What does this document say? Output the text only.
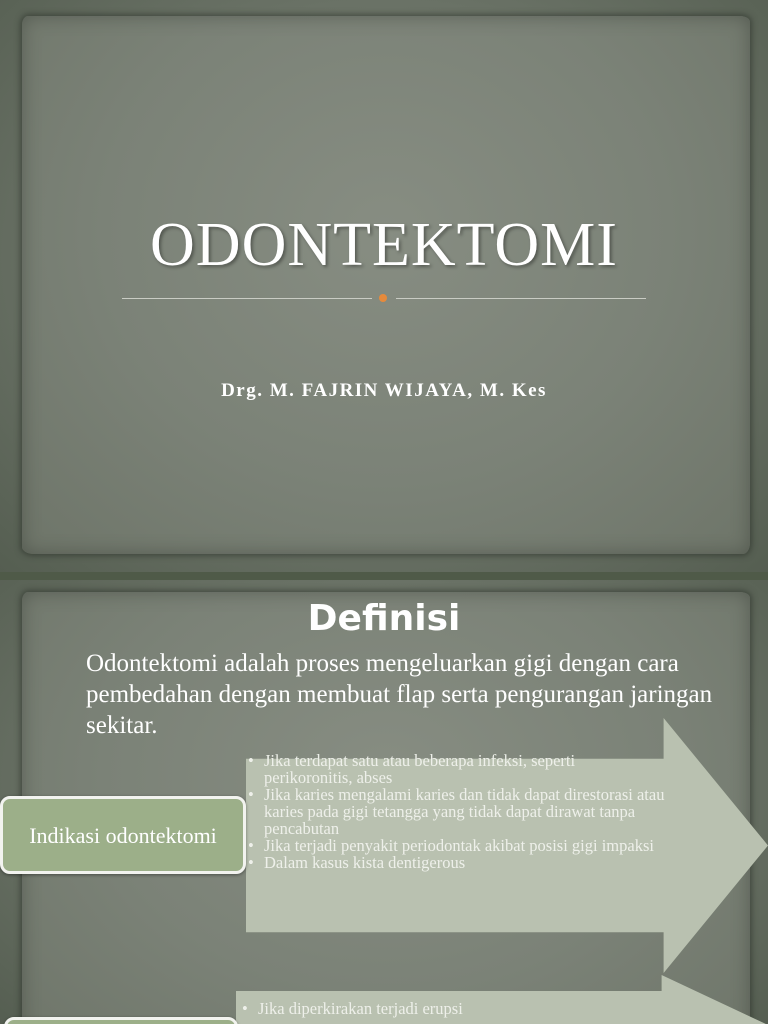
ODONTEKTOMI
Drg. M. FAJRIN WIJAYA, M. Kes
Definisi
Odontektomi adalah proses mengeluarkan gigi dengan cara pembedahan dengan membuat flap serta pengurangan jaringan sekitar.
• Jika terdapat satu atau beberapa infeksi, seperti perikoronitis, abses
• Jika karies mengalami karies dan tidak dapat direstorasi atau karies pada gigi tetangga yang tidak dapat dirawat tanpa pencabutan
• Jika terjadi penyakit periodontak akibat posisi gigi impaksi
• Dalam kasus kista dentigerous
Indikasi odontektomi
• Jika diperkirakan terjadi erupsi
